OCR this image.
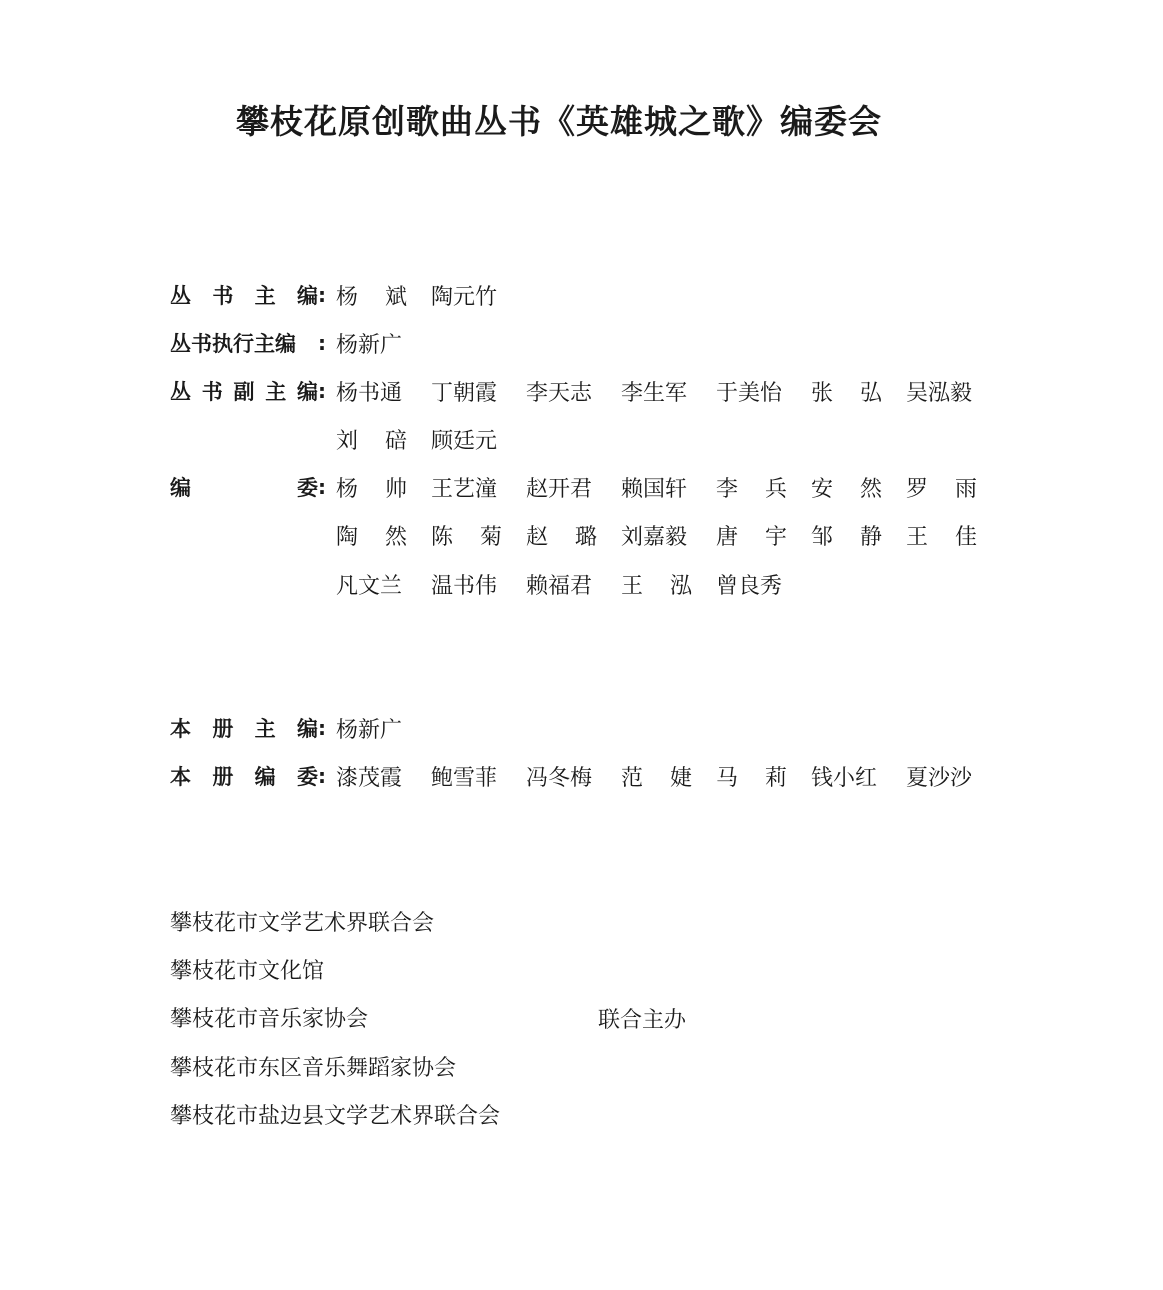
攀枝花原创歌曲丛书《英雄城之歌》编委会
丛 书 主 编 : 杨 斌 陶元竹
丛书执行主编 : 杨新广
丛 书 副 主 编 : 杨书通 丁朝霞 李天志 李生军 于美怡 张 弘 吴泓毅
刘 碚 顾廷元
编	委 : 杨 帅 王艺潼 赵开君 赖国轩 李 兵 安 然 罗 雨
陶 然 陈 菊 赵 璐 刘嘉毅 唐 宇 邹 静 王 佳
凡文兰 温书伟 赖福君 王 泓 曾良秀
本 册 主 编 : 杨新广
本 册 编 委 : 漆茂霞 鲍雪菲 冯冬梅 范 婕 马 莉 钱小红 夏沙沙
攀枝花市文学艺术界联合会
攀枝花市文化馆
攀枝花市音乐家协会
攀枝花市东区音乐舞蹈家协会
攀枝花市盐边县文学艺术界联合会
联合主办
